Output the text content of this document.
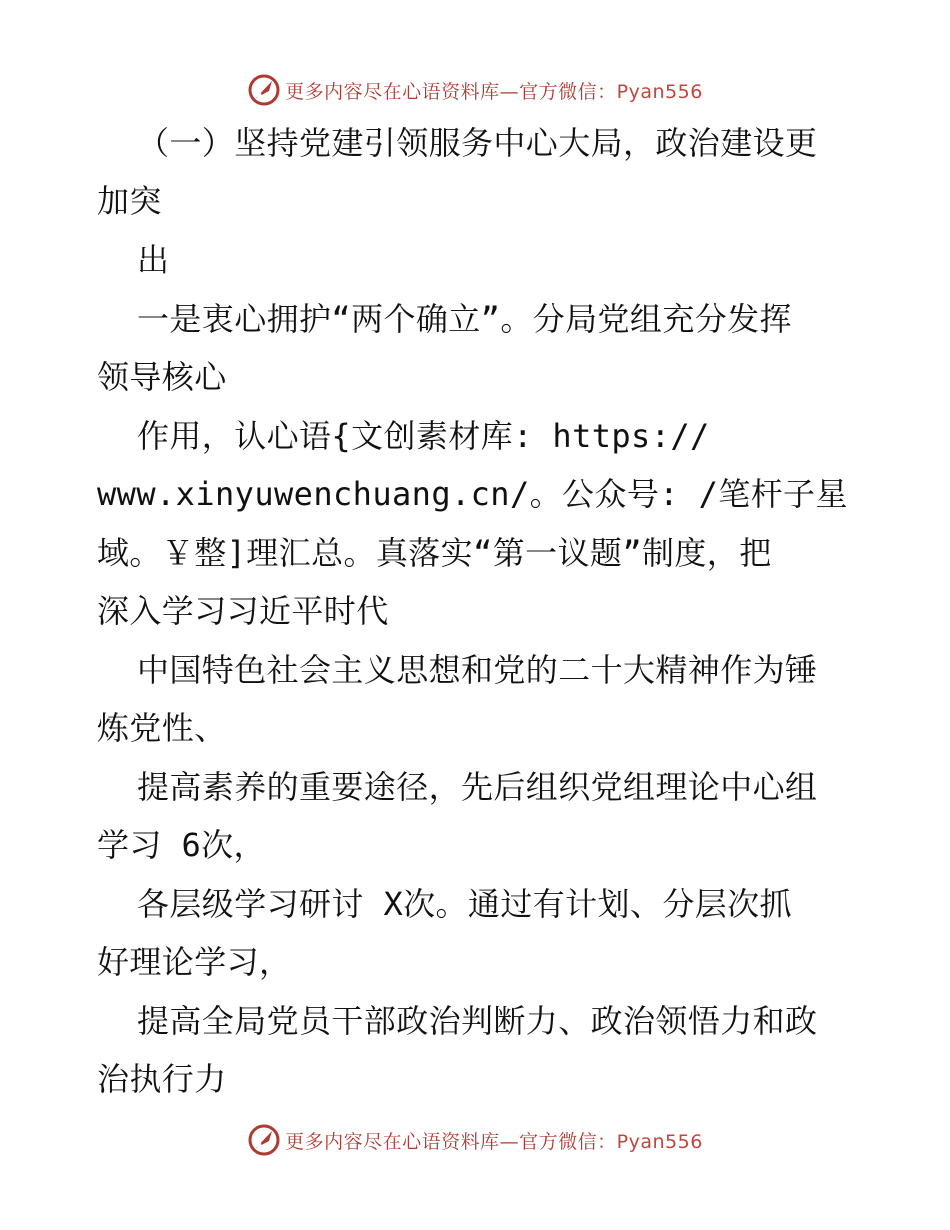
更多内容尽在心语资料库—官方微信：Pyan556
（一）坚持党建引领服务中心大局，政治建设更
加突
出
一是衷心拥护“两个确立”。分局党组充分发挥
领导核心
作用，认心语{文创素材库: https://
www.xinyuwenchuang.cn/。公众号: /笔杆子星
域。￥整]理汇总。真落实“第一议题”制度，把
深入学习习近平时代
中国特色社会主义思想和党的二十大精神作为锤
炼党性、
提高素养的重要途径，先后组织党组理论中心组
学习 6次，
各层级学习研讨 X次。通过有计划、分层次抓
好理论学习，
提高全局党员干部政治判断力、政治领悟力和政
治执行力
更多内容尽在心语资料库—官方微信：Pyan556
